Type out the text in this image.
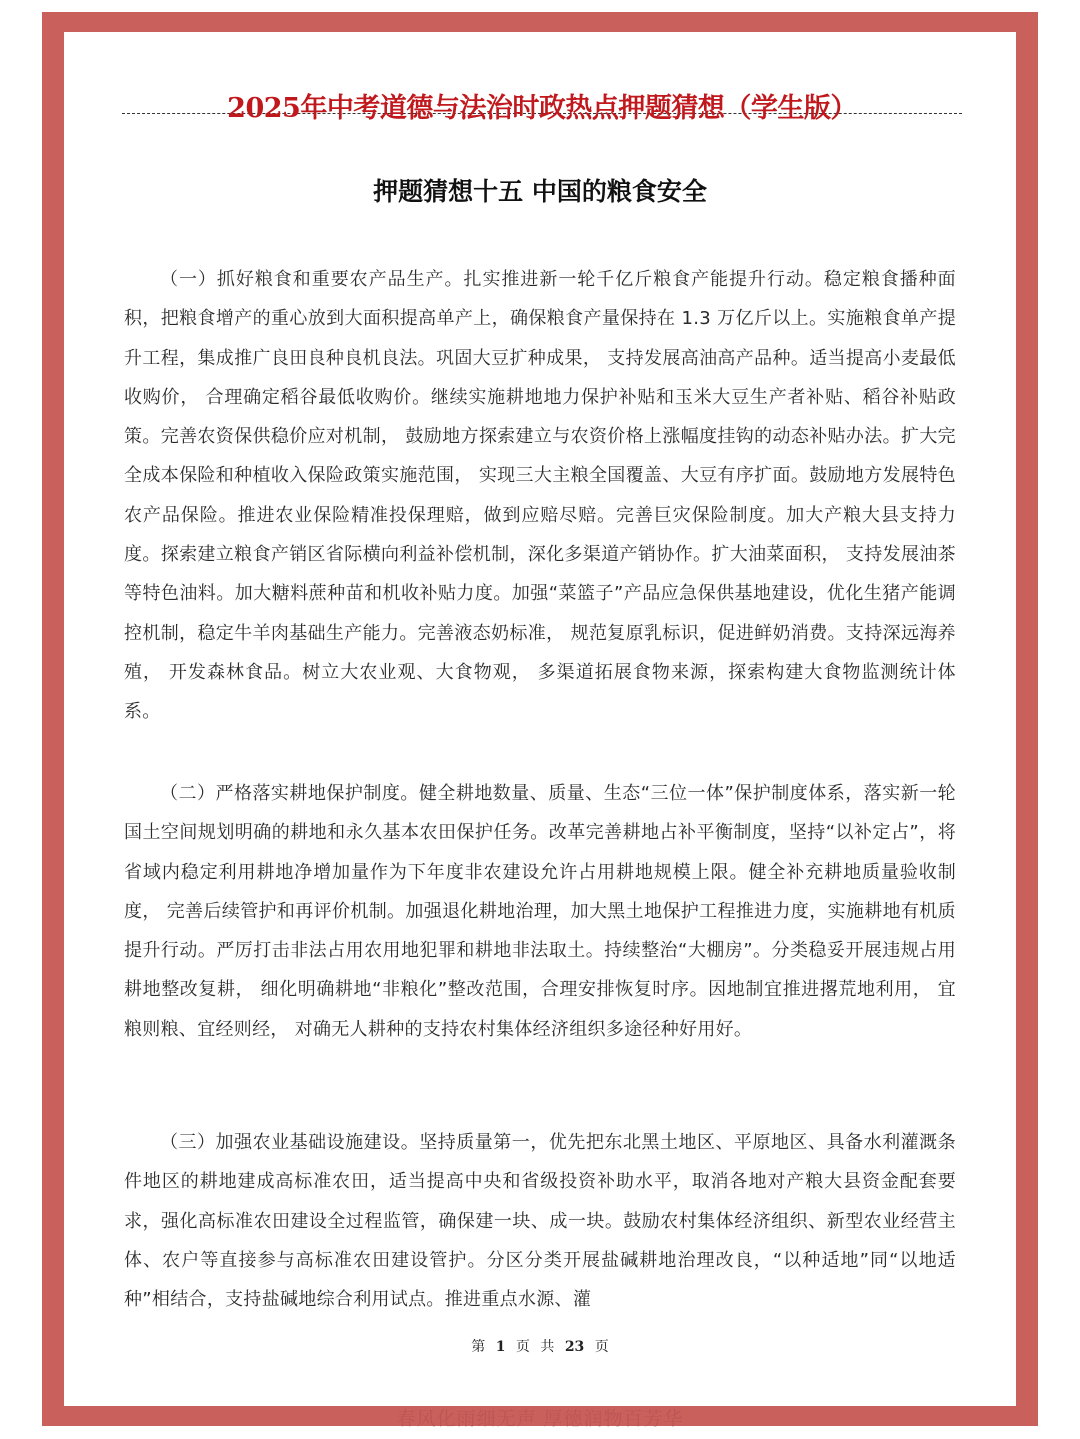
2025年中考道德与法治时政热点押题猜想（学生版）
押题猜想十五 中国的粮食安全

（一）抓好粮食和重要农产品生产。扎实推进新一轮千亿斤粮食产能提升行动。稳定粮食播种面积，把粮食增产的重心放到大面积提高单产上，确保粮食产量保持在 1.3 万亿斤以上。实施粮食单产提升工程，集成推广良田良种良机良法。巩固大豆扩种成果， 支持发展高油高产品种。适当提高小麦最低收购价， 合理确定稻谷最低收购价。继续实施耕地地力保护补贴和玉米大豆生产者补贴、稻谷补贴政策。完善农资保供稳价应对机制， 鼓励地方探索建立与农资价格上涨幅度挂钩的动态补贴办法。扩大完全成本保险和种植收入保险政策实施范围， 实现三大主粮全国覆盖、大豆有序扩面。鼓励地方发展特色农产品保险。推进农业保险精准投保理赔，做到应赔尽赔。完善巨灾保险制度。加大产粮大县支持力度。探索建立粮食产销区省际横向利益补偿机制，深化多渠道产销协作。扩大油菜面积， 支持发展油茶等特色油料。加大糖料蔗种苗和机收补贴力度。加强“菜篮子”产品应急保供基地建设，优化生猪产能调控机制，稳定牛羊肉基础生产能力。完善液态奶标准， 规范复原乳标识，促进鲜奶消费。支持深远海养殖， 开发森林食品。树立大农业观、大食物观， 多渠道拓展食物来源，探索构建大食物监测统计体系。

（二）严格落实耕地保护制度。健全耕地数量、质量、生态“三位一体”保护制度体系，落实新一轮国土空间规划明确的耕地和永久基本农田保护任务。改革完善耕地占补平衡制度，坚持“以补定占”，将省域内稳定利用耕地净增加量作为下年度非农建设允许占用耕地规模上限。健全补充耕地质量验收制度， 完善后续管护和再评价机制。加强退化耕地治理，加大黑土地保护工程推进力度，实施耕地有机质提升行动。严厉打击非法占用农用地犯罪和耕地非法取土。持续整治“大棚房”。分类稳妥开展违规占用耕地整改复耕， 细化明确耕地“非粮化”整改范围，合理安排恢复时序。因地制宜推进撂荒地利用， 宜粮则粮、宜经则经， 对确无人耕种的支持农村集体经济组织多途径种好用好。

（三）加强农业基础设施建设。坚持质量第一，优先把东北黑土地区、平原地区、具备水利灌溉条件地区的耕地建成高标准农田，适当提高中央和省级投资补助水平，取消各地对产粮大县资金配套要求，强化高标准农田建设全过程监管，确保建一块、成一块。鼓励农村集体经济组织、新型农业经营主体、农户等直接参与高标准农田建设管护。分区分类开展盐碱耕地治理改良，“以种适地”同“以地适种”相结合，支持盐碱地综合利用试点。推进重点水源、灌

第 1 页 共 23 页
春风化雨细无声 厚德润物百芳华
